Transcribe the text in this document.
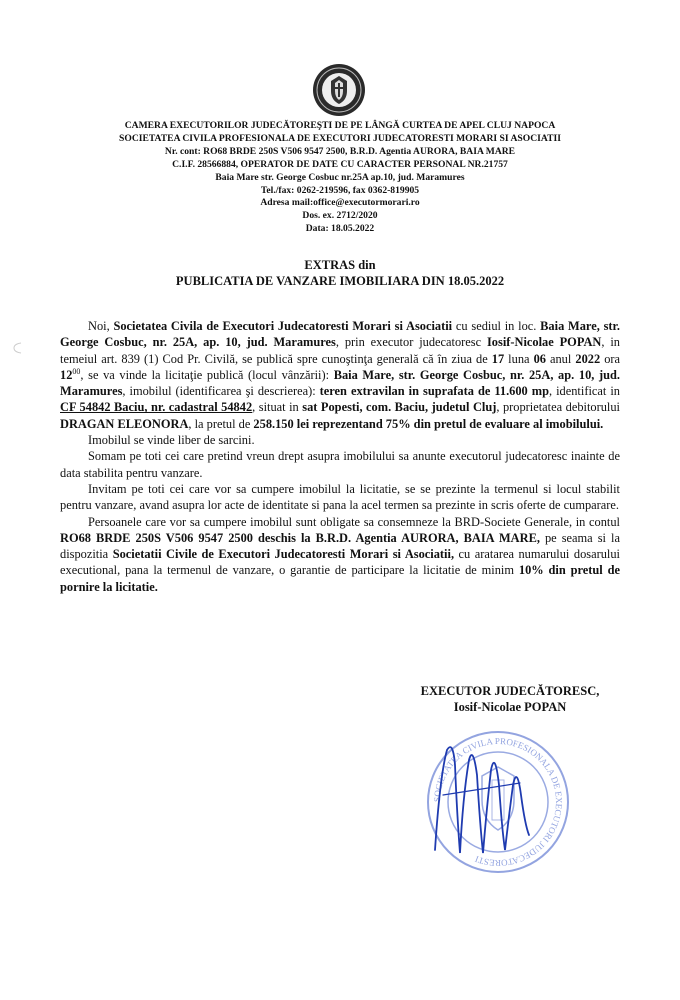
CAMERA EXECUTORILOR JUDECĂTOREŞTI DE PE LÂNGĂ CURTEA DE APEL CLUJ NAPOCA
SOCIETATEA CIVILA PROFESIONALA DE EXECUTORI JUDECATORESTI MORARI SI ASOCIATII
Nr. cont: RO68 BRDE 250S V506 9547 2500, B.R.D. Agentia AURORA, BAIA MARE
C.I.F. 28566884, OPERATOR DE DATE CU CARACTER PERSONAL NR.21757
Baia Mare str. George Cosbuc nr.25A ap.10, jud. Maramures
Tel./fax: 0262-219596, fax 0362-819905
Adresa mail:office@executormorari.ro
Dos. ex. 2712/2020
Data: 18.05.2022
EXTRAS din
PUBLICATIA DE VANZARE IMOBILIARA DIN 18.05.2022

Noi, Societatea Civila de Executori Judecatoresti Morari si Asociatii cu sediul in loc. Baia Mare, str. George Cosbuc, nr. 25A, ap. 10, jud. Maramures, prin executor judecatoresc Iosif-Nicolae POPAN, in temeiul art. 839 (1) Cod Pr. Civilă, se publică spre cunoştinţa generală că în ziua de 17 luna 06 anul 2022 ora $12^{00}$, se va vinde la licitaţie publică (locul vânzării): Baia Mare, str. George Cosbuc, nr. 25A, ap. 10, jud. Maramures, imobilul (identificarea şi descrierea): teren extravilan in suprafata de 11.600 mp, identificat in CF 54842 Baciu, nr. cadastral 54842, situat in sat Popesti, com. Baciu, judetul Cluj, proprietatea debitorului DRAGAN ELEONORA, la pretul de 258.150 lei reprezentand 75% din pretul de evaluare al imobilului.

Imobilul se vinde liber de sarcini.

Somam pe toti cei care pretind vreun drept asupra imobilului sa anunte executorul judecatoresc inainte de data stabilita pentru vanzare.

Invitam pe toti cei care vor sa cumpere imobilul la licitatie, se se prezinte la termenul si locul stabilit pentru vanzare, avand asupra lor acte de identitate si pana la acel termen sa prezinte in scris oferte de cumparare.

Persoanele care vor sa cumpere imobilul sunt obligate sa consemneze la BRD-Societe Generale, in contul RO68 BRDE 250S V506 9547 2500 deschis la B.R.D. Agentia AURORA, BAIA MARE, pe seama si la dispozitia Societatii Civile de Executori Judecatoresti Morari si Asociatii, cu aratarea numarului dosarului executional, pana la termenul de vanzare, o garantie de participare la licitatie de minim 10% din pretul de pornire la licitatie.

EXECUTOR JUDECĂTORESC,
Iosif-Nicolae POPAN
SOCIETATEA CIVILA PROFESIONALA DE EXECUTORI JUDECATORESTI
